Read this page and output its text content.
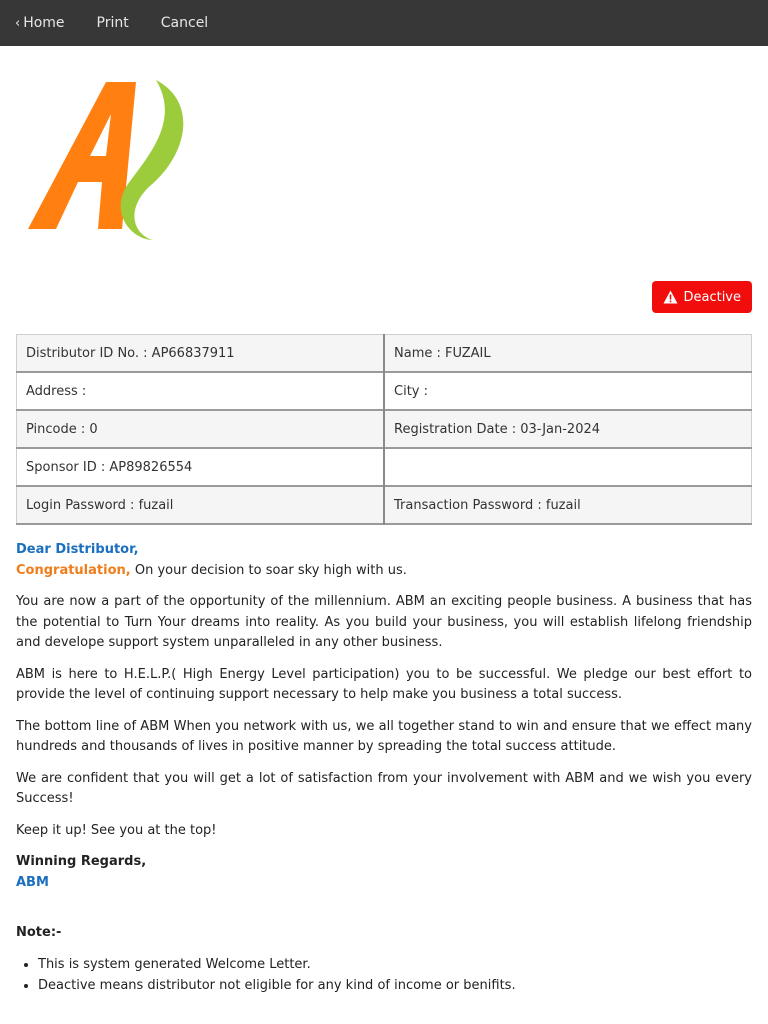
‹ Home Print Cancel
Deactive
Distributor ID No. : AP66837911	Name : FUZAIL
Address :	City :
Pincode : 0	Registration Date : 03-Jan-2024
Sponsor ID : AP89826554	
Login Password : fuzail	Transaction Password : fuzail

Dear Distributor,
Congratulation, On your decision to soar sky high with us.

You are now a part of the opportunity of the millennium. ABM an exciting people business. A business that has the potential to Turn Your dreams into reality. As you build your business, you will establish lifelong friendship and develope support system unparalleled in any other business.

ABM is here to H.E.L.P.( High Energy Level participation) you to be successful. We pledge our best effort to provide the level of continuing support necessary to help make you business a total success.

The bottom line of ABM When you network with us, we all together stand to win and ensure that we effect many hundreds and thousands of lives in positive manner by spreading the total success attitude.

We are confident that you will get a lot of satisfaction from your involvement with ABM and we wish you every Success!

Keep it up! See you at the top!

Winning Regards,
ABM

Note:-
• This is system generated Welcome Letter.
• Deactive means distributor not eligible for any kind of income or benifits.
